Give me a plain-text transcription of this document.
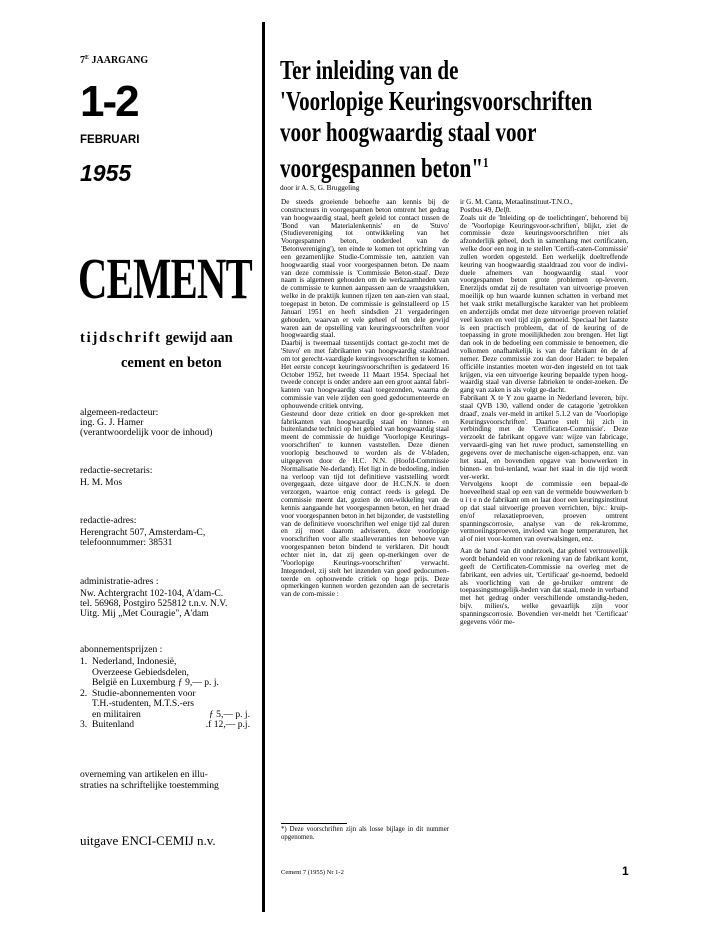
$7^E$ JAARGANG
1-2
FEBRUARI
1955
CEMENT
tijdschrift gewijd aan
cement en beton
algemeen-redacteur:
ing. G. J. Hamer
(verantwoordelijk voor de inhoud)
redactie-secretaris:
H. M. Mos
redactie-adres:
Herengracht 507, Amsterdam-C,
telefoonnummer: 38531
administratie-adres :
Nw. Achtergracht 102-104, A'dam-C.
tel. 56968, Postgiro 525812 t.n.v. N.V.
Uitg. Mij „Met Couragie", A'dam
abonnementsprijzen :
1.  Nederland, Indonesië,
Overzeese Gebiedsdelen,
België en Luxemburg ƒ 9,— p. j.
2.  Studie-abonnementen voor
T.H.-studenten, M.T.S.-ers
en militairen	ƒ 5,— p. j.
3.  Buitenland	.f 12,— p.j.
overneming van artikelen en illu-
straties na schriftelijke toestemming
uitgave ENCI-CEMIJ n.v.
Ter inleiding van de
'Voorlopige Keuringsvoorschriften
voor hoogwaardig staal voor
voorgespannen beton"$^1$
door ir A. S, G. Bruggeling

De steeds groeiende behoefte aan kennis bij de constructeurs in voorgespannen beton omtrent het gedrag van hoogwaardig staal, heeft geleid tot contact tussen de 'Bond van Materialenkennis' en de 'Stuvo' (Studievereniging tot ontwikkeling van het Voorgespannen beton, onderdeel van de 'Betonvereniging'), ten einde te komen tot oprichting van een gezamenlijke Studie-Commissie ten, aanzien van hoogwaardig staal voor voorgespannen beton. De naam van deze commissie is 'Commissie Beton-staal'. Deze naam is algemeen gehouden om de werkzaamheden van de commissie te kunnen aanpassen aan de vraagstukken, welke in de praktijk kunnen rijzen ten aan-zien van staal, toegepast in beton. De commissie is geïnstalleerd op 15 Januari 1951 en heeft sindsdien 21 vergaderingen gehouden, waarvan er vele geheel of ten dele gewijd waren aan de opstelling van keuringsvoorschriften voor hoogwaardig staal.

Daarbij is tweemaal tussentijds contact ge-zocht met de 'Stuvo' en met fabrikanten van hoogwaardig staaldraad om tot gerecht-vaardigde keuringsvoorschriften te komen. Het eerste concept keuringsvoorschriften is gedateerd 16 October 1952, het tweede 11 Maart 1954. Speciaal het tweede concept is onder andere aan een groot aantal fabri-kanten van hoogwaardig staal toegezonden, waarna de commissie van vele zijden een goed gedocumenteerde en ophouwende critiek ontving.

Gesteund door deze critiek en door ge-sprekken met fabrikanten van hoogwaardig staal en binnen- en buitenlandse technici op het gebied van hoogwaardig staal meent de commissie de huidige 'Voorlopige Keurings-voorschriften' te kunnen vaststellen. Deze dienen voorlopig beschouwd te worden als de V-bladen, uitgegeven door de H.C. N.N. (Hoofd-Commissie Normalisatie Ne-derland). Het ligt in de bedoeling, indien na verloop van tijd tot definitieve vaststelling wordt overgegaan, deze uitgave door de H.C.N.N. te doen verzorgen, waartoe enig contact reeds is gelegd. De commissie meent dat, gezien de ont-wikkeling van de kennis aangaande het voorgespannen beton, en het draad voor voorgespannen beton in het bijzonder, de vaststelling van de definitieve voorschriften wel enige tijd zal duren en zij moet daarom adviseren, deze voorlopige voorschriften voor alle staalleveranties ten behoeve van voorgespannen beton bindend te verklaren. Dit houdt echter niet in, dat zij geen op-merkingen over de 'Voorlopige Keurings-voorschriften' verwacht. Integendeel, zij stelt het inzenden van goed gedocumen-teerde en ophouwende critiek op hoge prijs. Deze opmerkingen kunnen worden gezonden aan de secretaris van de com-missie :

ir G. M. Canta, Metaalinstituut-T.N.O.,

Postbus 49, Delft.

Zoals uit de 'Inleiding op de toelichtingen', behorend bij de 'Voorlopige Keuringsvoor-schriften', blijkt, ziet de commissie deze keuringsvoorschriften niet als afzonderlijk geheel, doch in samenhang met certificaten, welke door een nog in te stellen 'Certifi-caten-Commissie' zullen worden opgesteld. Een werkelijk doeltreffende keuring van hoogwaardig staaldraad zou voor de indivi-duele afnemers van hoogwaardig staal voor voorgespannen beton grote problemen op-leveren. Enerzijds omdat zij de resultaten van uitvoerige proeven moeilijk op hun waarde kunnen schatten in verband met het vaak strikt metallurgische karakter van het probleem en anderzijds omdat met deze uitvoerige proeven relatief veel kosten en veel tijd zijn gemoeid. Speciaal het laatste is een practisch probleem, dat of de keuring of de toepassing in grote moeilijkheden zou brengen. Het ligt dan ook in de bedoeling een commissie te benoemen, die volkomen onafhankelijk is van de fabrikant èn de af nemer. Deze commissie zou dan door Hader: te bepalen officiële instanties moeten wor-den ingesteld en tot taak krijgen, via een uitvoerige keuring bepaalde typen hoog-waardig staal van diverse fabrieken te onder-zoeken. De gang van zaken is als volgt ge-dacht.

Fabrikant X te Y zou gaarne in Nederland leveren, bijv. staal QVB 130, vallend onder de catagorie 'getrokken draad', zoals ver-meld in artikel 5.1.2 van de 'Voorlopige Keuringsvoorschriften'. Daartoe stelt hij zich in verbinding met de 'Certificaten-Commissie'. Deze verzoekt de fabrikant opgave van: wijze van fabricage, vervaardi-ging van het ruwe product, samenstelling en gegevens over de mechanische eigen-schappen, enz. van het staal, en bovendien opgave van bouwwerken in binnen- en bui-tenland, waar het staal in die tijd wordt ver-werkt.

Vervolgens koopt de commissie een bepaal-de hoeveelheid staal op een van de vermelde bouwwerken b u i t e n de fabrikant om en laat door een keuringsinstituut op dat staal uitvoerige proeven verrichten, bijv.: kruip-en/of relaxatieproeven, proeven omtrent spanningscorrosie, analyse van de rek-kromme, vermoeiingsproeven, invloed van hoge temperaturen, het al of niet voor-komen van overwalsingen, enz.

Aan de hand van dit onderzoek, dat geheel vertrouwelijk wordt behandeld en voor rekening van de fabrikant komt, geeft de Certificaten-Commissie na overleg met de fabrikant, een advies uit, 'Certificaat' ge-noemd, bedoeld als voorlichting van de ge-bruiker omtrent de toepassingsmogelijk-heden van dat staal, mede in verband met het gedrag onder verschillende omstandig-heden, bijv. milieu's, welke gevaarlijk zijn voor spanningscorrosie. Bovendien ver-meldt het 'Certificaat' gegevens vóór me-

*) Deze voorschriften zijn als losse bijlage in dit nummer opgenomen.
Cement 7 (1955) Nr 1-2	1
